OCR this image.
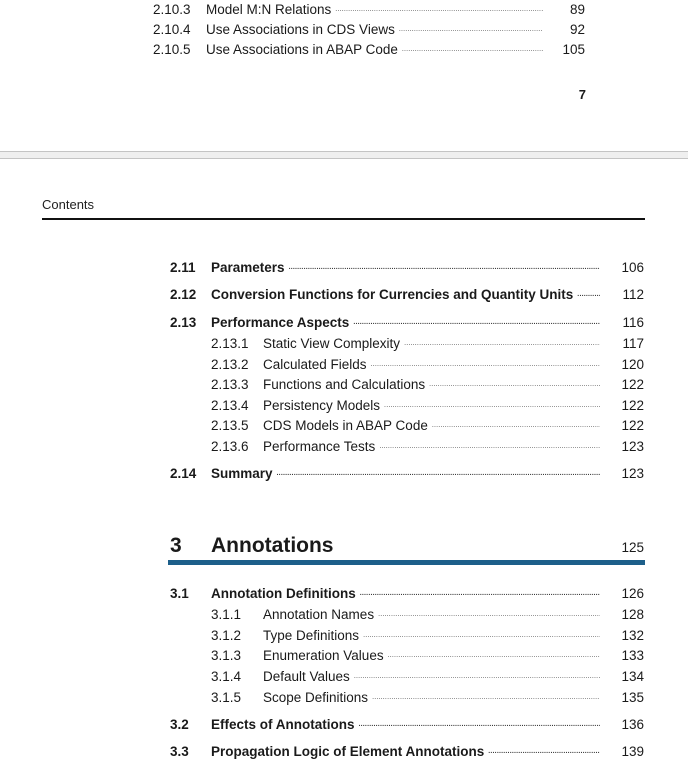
2.10.3	Model M:N Relations .....	89
2.10.4	Use Associations in CDS Views .....	92
2.10.5	Use Associations in ABAP Code .....	105
7
Contents
2.11	Parameters .....	106
2.12	Conversion Functions for Currencies and Quantity Units .....	112
2.13	Performance Aspects .....	116
2.13.1	Static View Complexity .....	117
2.13.2	Calculated Fields .....	120
2.13.3	Functions and Calculations .....	122
2.13.4	Persistency Models .....	122
2.13.5	CDS Models in ABAP Code .....	122
2.13.6	Performance Tests .....	123
2.14	Summary .....	123
3	Annotations	125
3.1	Annotation Definitions .....	126
3.1.1	Annotation Names .....	128
3.1.2	Type Definitions .....	132
3.1.3	Enumeration Values .....	133
3.1.4	Default Values .....	134
3.1.5	Scope Definitions .....	135
3.2	Effects of Annotations .....	136
3.3	Propagation Logic of Element Annotations .....	139
